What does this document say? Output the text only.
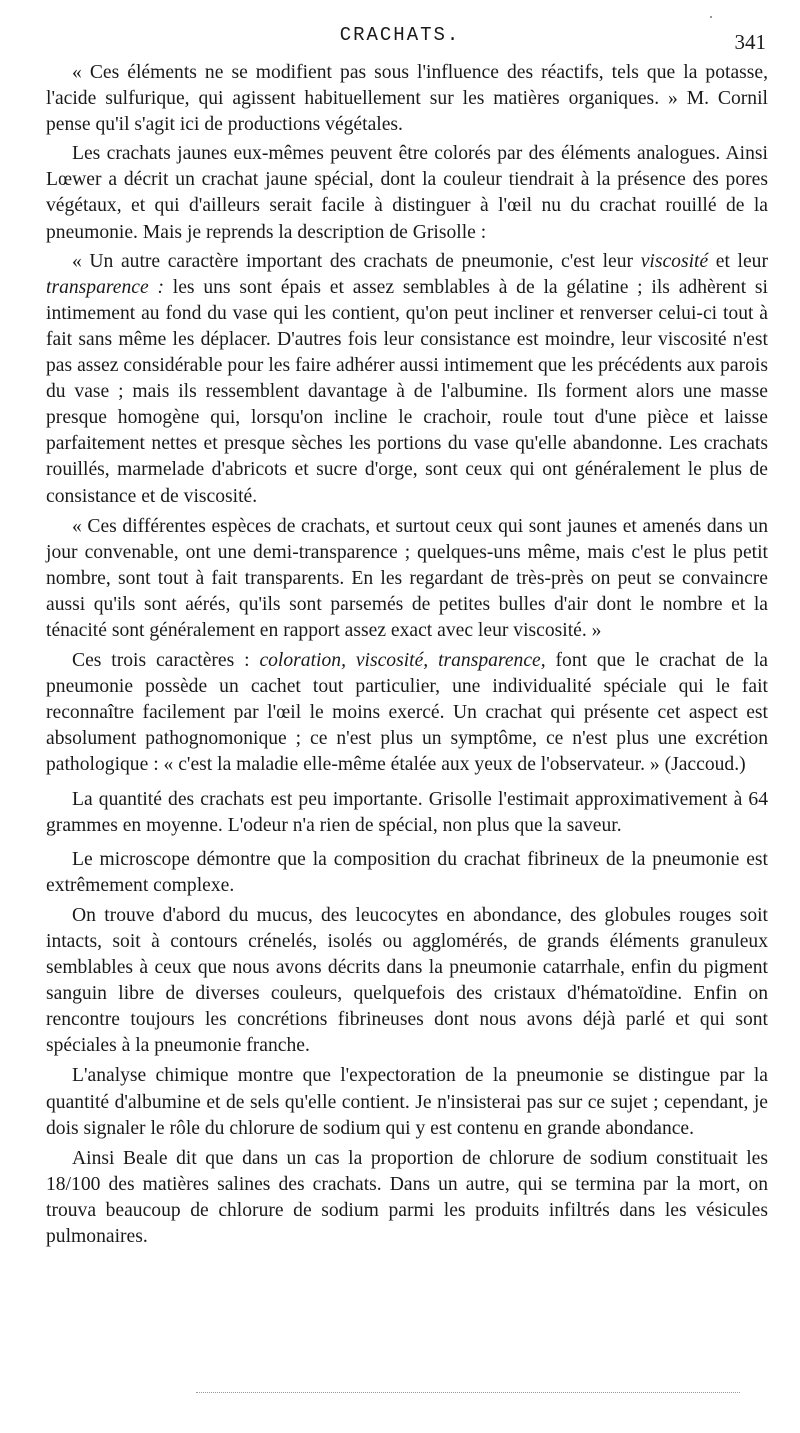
CRACHATS.	341

« Ces éléments ne se modifient pas sous l'influence des réactifs, tels que la potasse, l'acide sulfurique, qui agissent habituellement sur les matières organiques. » M. Cornil pense qu'il s'agit ici de productions végétales.

Les crachats jaunes eux-mêmes peuvent être colorés par des éléments analogues. Ainsi Lœwer a décrit un crachat jaune spécial, dont la couleur tiendrait à la présence des pores végétaux, et qui d'ailleurs serait facile à distinguer à l'œil nu du crachat rouillé de la pneumonie. Mais je reprends la description de Grisolle :

« Un autre caractère important des crachats de pneumonie, c'est leur viscosité et leur transparence : les uns sont épais et assez semblables à de la gélatine ; ils adhèrent si intimement au fond du vase qui les contient, qu'on peut incliner et renverser celui-ci tout à fait sans même les déplacer. D'autres fois leur consistance est moindre, leur viscosité n'est pas assez considérable pour les faire adhérer aussi intimement que les précédents aux parois du vase ; mais ils ressemblent davantage à de l'albumine. Ils forment alors une masse presque homogène qui, lorsqu'on incline le crachoir, roule tout d'une pièce et laisse parfaitement nettes et presque sèches les portions du vase qu'elle abandonne. Les crachats rouillés, marmelade d'abricots et sucre d'orge, sont ceux qui ont généralement le plus de consistance et de viscosité.

« Ces différentes espèces de crachats, et surtout ceux qui sont jaunes et amenés dans un jour convenable, ont une demi-transparence ; quelques-uns même, mais c'est le plus petit nombre, sont tout à fait transparents. En les regardant de très-près on peut se convaincre aussi qu'ils sont aérés, qu'ils sont parsemés de petites bulles d'air dont le nombre et la ténacité sont généralement en rapport assez exact avec leur viscosité. »

Ces trois caractères : coloration, viscosité, transparence, font que le crachat de la pneumonie possède un cachet tout particulier, une individualité spéciale qui le fait reconnaître facilement par l'œil le moins exercé. Un crachat qui présente cet aspect est absolument pathognomonique ; ce n'est plus un symptôme, ce n'est plus une excrétion pathologique : « c'est la maladie elle-même étalée aux yeux de l'observateur. » (Jaccoud.)

La quantité des crachats est peu importante. Grisolle l'estimait approximativement à 64 grammes en moyenne. L'odeur n'a rien de spécial, non plus que la saveur.

Le microscope démontre que la composition du crachat fibrineux de la pneumonie est extrêmement complexe.

On trouve d'abord du mucus, des leucocytes en abondance, des globules rouges soit intacts, soit à contours crénelés, isolés ou agglomérés, de grands éléments granuleux semblables à ceux que nous avons décrits dans la pneumonie catarrhale, enfin du pigment sanguin libre de diverses couleurs, quelquefois des cristaux d'hématoïdine. Enfin on rencontre toujours les concrétions fibrineuses dont nous avons déjà parlé et qui sont spéciales à la pneumonie franche.

L'analyse chimique montre que l'expectoration de la pneumonie se distingue par la quantité d'albumine et de sels qu'elle contient. Je n'insisterai pas sur ce sujet ; cependant, je dois signaler le rôle du chlorure de sodium qui y est contenu en grande abondance.

Ainsi Beale dit que dans un cas la proportion de chlorure de sodium constituait les 18/100 des matières salines des crachats. Dans un autre, qui se termina par la mort, on trouva beaucoup de chlorure de sodium parmi les produits infiltrés dans les vésicules pulmonaires.
